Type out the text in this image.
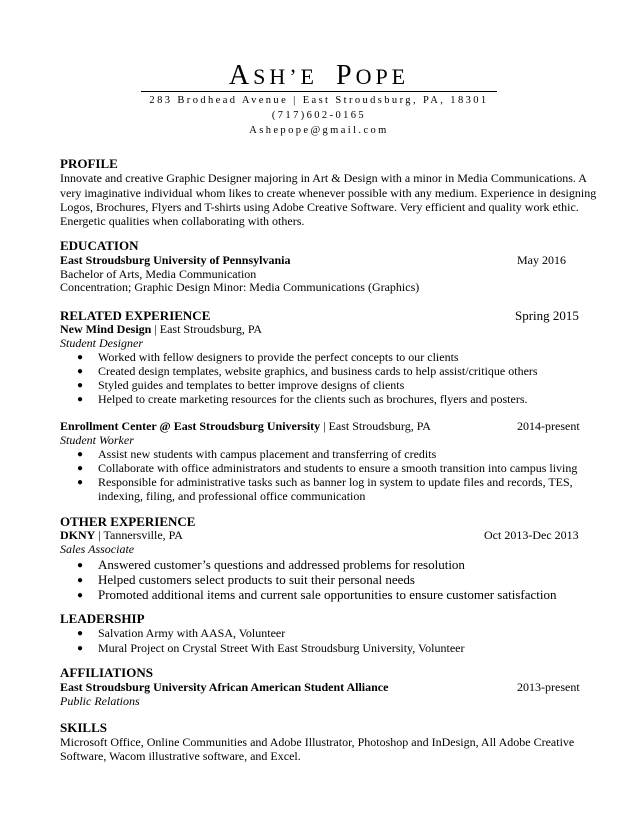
ASH’E POPE
283 Brodhead Avenue | East Stroudsburg, PA, 18301
(717)602-0165
Ashepope@gmail.com
PROFILE
Innovate and creative Graphic Designer majoring in Art & Design with a minor in Media Communications. A
very imaginative individual whom likes to create whenever possible with any medium. Experience in designing
Logos, Brochures, Flyers and T-shirts using Adobe Creative Software. Very efficient and quality work ethic.
Energetic qualities when collaborating with others.
EDUCATION
East Stroudsburg University of Pennsylvania	May 2016
Bachelor of Arts, Media Communication
Concentration; Graphic Design Minor: Media Communications (Graphics)
RELATED EXPERIENCE	Spring 2015
New Mind Design | East Stroudsburg, PA
Student Designer
● Worked with fellow designers to provide the perfect concepts to our clients
● Created design templates, website graphics, and business cards to help assist/critique others
● Styled guides and templates to better improve designs of clients
● Helped to create marketing resources for the clients such as brochures, flyers and posters.
Enrollment Center @ East Stroudsburg University | East Stroudsburg, PA	2014-present
Student Worker
● Assist new students with campus placement and transferring of credits
● Collaborate with office administrators and students to ensure a smooth transition into campus living
● Responsible for administrative tasks such as banner log in system to update files and records, TES,
indexing, filing, and professional office communication
OTHER EXPERIENCE
DKNY | Tannersville, PA	Oct 2013-Dec 2013
Sales Associate
● Answered customer’s questions and addressed problems for resolution
● Helped customers select products to suit their personal needs
● Promoted additional items and current sale opportunities to ensure customer satisfaction
LEADERSHIP
● Salvation Army with AASA, Volunteer
● Mural Project on Crystal Street With East Stroudsburg University, Volunteer
AFFILIATIONS
East Stroudsburg University African American Student Alliance	2013-present
Public Relations
SKILLS
Microsoft Office, Online Communities and Adobe Illustrator, Photoshop and InDesign, All Adobe Creative
Software, Wacom illustrative software, and Excel.
